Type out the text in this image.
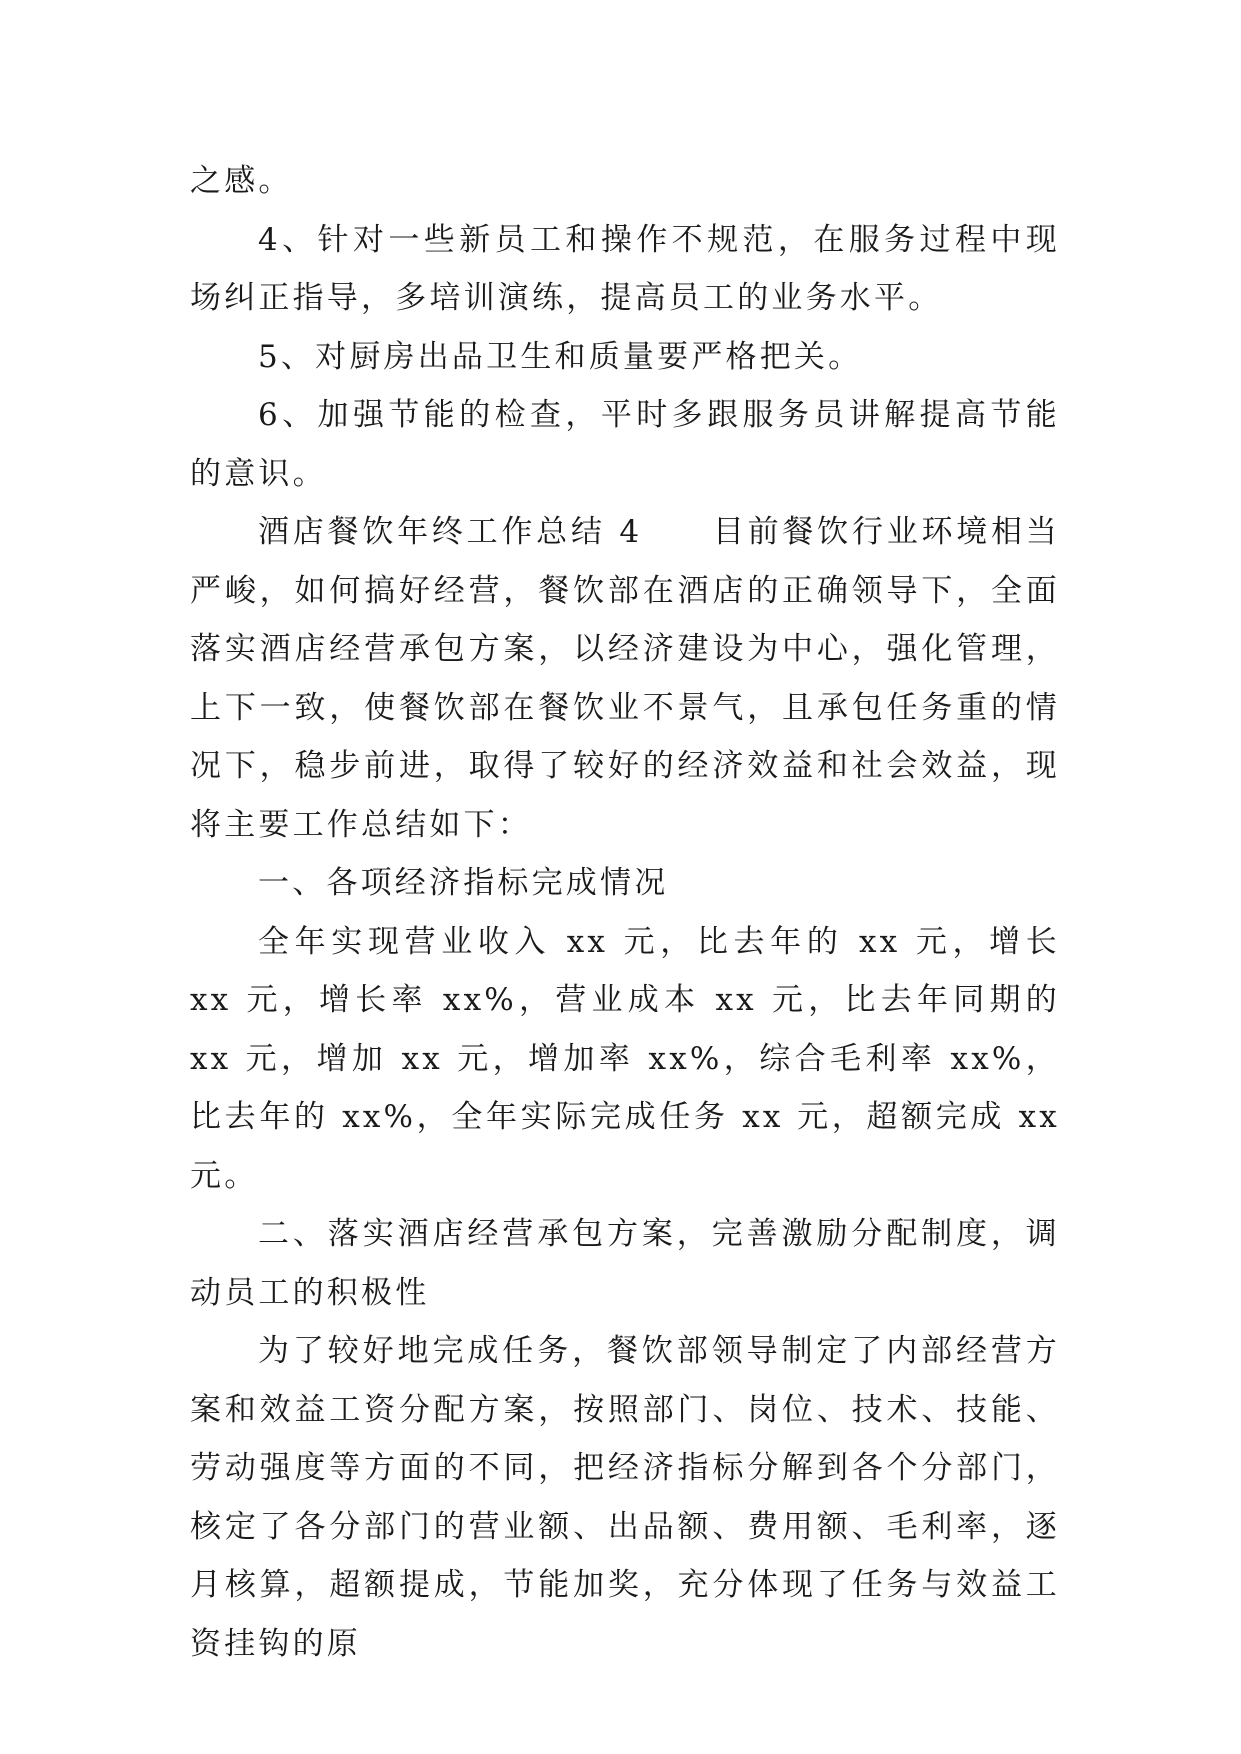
之感。

4、针对一些新员工和操作不规范，在服务过程中现场纠正指导，多培训演练，提高员工的业务水平。

5、对厨房出品卫生和质量要严格把关。

6、加强节能的检查，平时多跟服务员讲解提高节能的意识。

酒店餐饮年终工作总结 4 目前餐饮行业环境相当严峻，如何搞好经营，餐饮部在酒店的正确领导下，全面落实酒店经营承包方案，以经济建设为中心，强化管理，上下一致，使餐饮部在餐饮业不景气，且承包任务重的情况下，稳步前进，取得了较好的经济效益和社会效益，现将主要工作总结如下：

一、各项经济指标完成情况

全年实现营业收入 xx 元，比去年的 xx 元，增长 xx 元，增长率 xx%，营业成本 xx 元，比去年同期的 xx 元，增加 xx 元，增加率 xx%，综合毛利率 xx%，比去年的 xx%，全年实际完成任务 xx 元，超额完成 xx 元。

二、落实酒店经营承包方案，完善激励分配制度，调动员工的积极性

为了较好地完成任务，餐饮部领导制定了内部经营方案和效益工资分配方案，按照部门、岗位、技术、技能、劳动强度等方面的不同，把经济指标分解到各个分部门，核定了各分部门的营业额、出品额、费用额、毛利率，逐月核算，超额提成，节能加奖，充分体现了任务与效益工资挂钩的原
